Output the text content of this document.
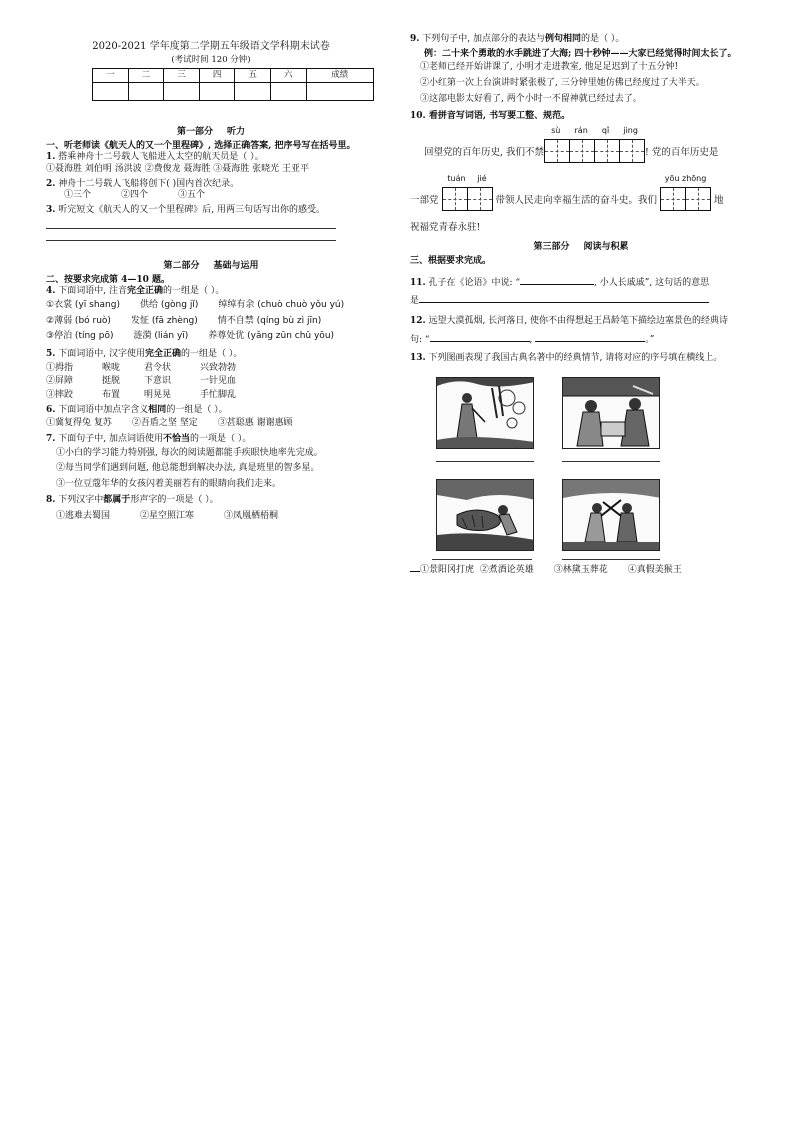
2020-2021 学年度第二学期五年级语文学科期末试卷
(考试时间 120 分钟)
一	二	三	四	五	六	成绩

第一部分 听力
一、听老师读《航天人的又一个里程碑》, 选择正确答案, 把序号写在括号里。
1. 搭乘神舟十二号载人飞船进入太空的航天员是（ ）。
①聂海胜 刘伯明 汤洪波 ②费俊龙 聂海胜 ③聂海胜 张晓光 王亚平
2. 神舟十二号载人飞船将创下( )国内首次纪录。
①三个	②四个	③五个
3. 听完短文《航天人的又一个里程碑》后, 用两三句话写出你的感受。
第二部分 基础与运用
二、按要求完成第 4—10 题。
4. 下面词语中, 注音完全正确的一组是（ ）。
①衣裳 (yī shang) 供给 (gòng jǐ) 绰绰有余 (chuò chuò yǒu yú)
②薄弱 (bó ruò) 发怔 (fā zhèng) 情不自禁 (qíng bù zì jīn)
③停泊 (tíng pō) 涟漪 (lián yī) 养尊处优 (yǎng zūn chǔ yōu)
5. 下面词语中, 汉字使用完全正确的一组是（ ）。
①拇指	喉咙	君令状	兴致勃勃
②屏障	挺脱	下意识	一针见血
③摔跤	布置	明晃晃	手忙脚乱
6. 下面词语中加点字含义相同的一组是（ ）。
①冀复得兔 复苏 ②吾盾之坚 坚定 ③甚聪惠 谢谢惠顾
7. 下面句子中, 加点词语使用不恰当的一项是（ ）。
①小白的学习能力特别强, 每次的阅读题都能手疾眼快地率先完成。
②每当同学们遇到问题, 他总能想到解决办法, 真是班里的智多星。
③一位豆蔻年华的女孩闪着美丽若有的眼睛向我们走来。
8. 下列汉字中都属于形声字的一项是（ ）。
①逃难去蜀国	②星空照江寒	③凤凰栖梧桐
9. 下列句子中, 加点部分的表达与例句相同的是（ ）。
例：二十来个勇敢的水手跳进了大海; 四十秒钟——大家已经觉得时间太长了。
①老师已经开始讲课了, 小明才走进教室, 他足足迟到了十五分钟!
②小红第一次上台演讲时紧张极了, 三分钟里她仿佛已经度过了大半天。
③这部电影太好看了, 两个小时一不留神就已经过去了。
10. 看拼音写词语, 书写要工整、规范。
回望党的百年历史, 我们不禁
sù rán qǐ jìng
! 党的百年历史是
一部党
tuán jié
带领人民走向幸福生活的奋斗史。我们
yōu zhōng
地
祝福党青春永驻!
第三部分 阅读与积累
三、根据要求完成。
11. 孔子在《论语》中说: “	, 小人长戚戚”, 这句话的意思
是
12. 远望大漠孤烟, 长河落日, 使你不由得想起王昌龄笔下描绘边塞景色的经典诗
句: “	,	。”
13. 下列图画表现了我国古典名著中的经典情节, 请将对应的序号填在横线上。
①景阳冈打虎 ②煮酒论英雄 ③林黛玉葬花 ④真假美猴王
